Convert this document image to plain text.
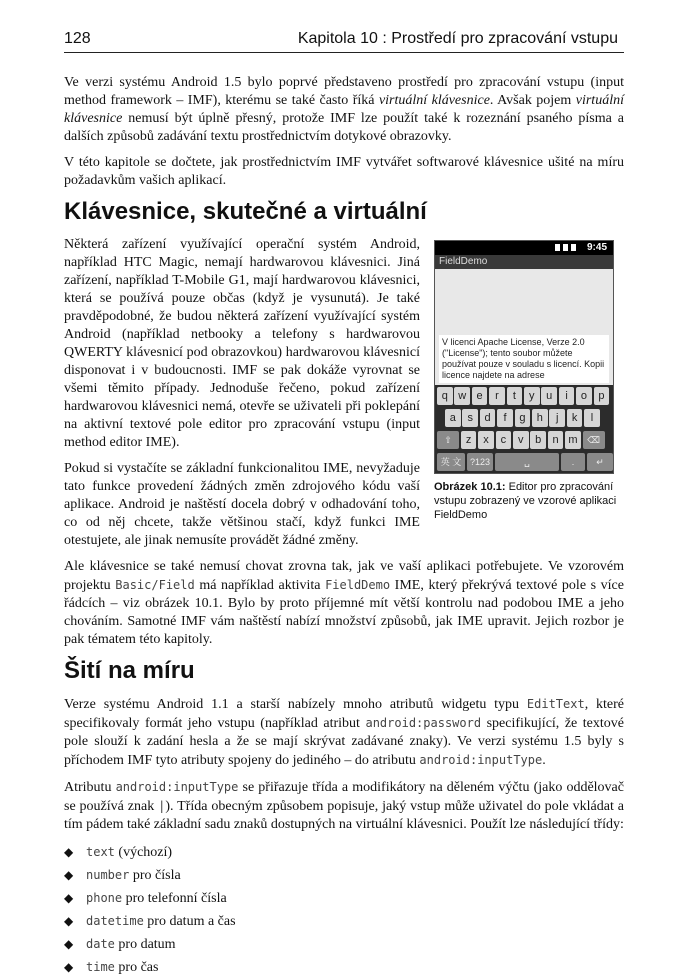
128	Kapitola 10 : Prostředí pro zpracování vstupu

Ve verzi systému Android 1.5 bylo poprvé představeno prostředí pro zpracování vstupu (input method framework – IMF), kterému se také často říká virtuální klávesnice. Avšak pojem virtuální klávesnice nemusí být úplně přesný, protože IMF lze použít také k rozeznání psaného písma a dalších způsobů zadávání textu prostřednictvím dotykové obrazovky.

V této kapitole se dočtete, jak prostřednictvím IMF vytvářet softwarové klávesnice ušité na míru požadavkům vašich aplikací.

Klávesnice, skutečné a virtuální
9:45
FieldDemo
V licenci Apache License, Verze 2.0 ("License"); tento soubor můžete používat pouze v souladu s licencí. Kopii licence najdete na adrese
q w e	r	t	y	u	i	o	p
a	s	d	f	g	h	j	k	l
⇧	z	x	c	v	b	n m	⌫
英 文 ?123	␣	.	↵
Obrázek 10.1: Editor pro zpracování vstupu zobrazený ve vzorové aplikaci FieldDemo

Některá zařízení využívající operační systém Android, například HTC Magic, nemají hardwarovou klávesnici. Jiná zařízení, například T-Mobile G1, mají hardwarovou klávesnici, která se používá pouze občas (když je vysunutá). Je také pravděpodobné, že budou některá zařízení využívající systém Android (například netbooky a telefony s hardwarovou QWERTY klávesnicí pod obrazovkou) hardwarovou klávesnicí disponovat i v budoucnosti. IMF se pak dokáže vyrovnat se všemi těmito případy. Jednoduše řečeno, pokud zařízení hardwarovou klávesnici nemá, otevře se uživateli při poklepání na aktivní textové pole editor pro zpracování vstupu (input method editor IME).

Pokud si vystačíte se základní funkcionalitou IME, nevyžaduje tato funkce provedení žádných změn zdrojového kódu vaší aplikace. Android je naštěstí docela dobrý v odhadování toho, co od něj chcete, takže většinou stačí, když funkci IME otestujete, ale jinak nemusíte provádět žádné změny.

Ale klávesnice se také nemusí chovat zrovna tak, jak ve vaší aplikaci potřebujete. Ve vzorovém projektu Basic/Field má například aktivita FieldDemo IME, který překrývá textové pole s více řádcích – viz obrázek 10.1. Bylo by proto příjemné mít větší kontrolu nad podobou IME a jeho chováním. Samotné IMF vám naštěstí nabízí množství způsobů, jak IME upravit. Jejich rozbor je pak tématem této kapitoly.

Šití na míru

Verze systému Android 1.1 a starší nabízely mnoho atributů widgetu typu EditText, které specifikovaly formát jeho vstupu (například atribut android:password specifikující, že textové pole slouží k zadání hesla a že se mají skrývat zadávané znaky). Ve verzi systému 1.5 byly s příchodem IMF tyto atributy spojeny do jediného – do atributu android:inputType.

Atributu android:inputType se přiřazuje třída a modifikátory na děleném výčtu (jako oddělovač se používá znak |). Třída obecným způsobem popisuje, jaký vstup může uživatel do pole vkládat a tím pádem také základní sadu znaků dostupných na virtuální klávesnici. Použít lze následující třídy:

◆ text (výchozí)
◆ number pro čísla
◆ phone pro telefonní čísla
◆ datetime pro datum a čas
◆ date pro datum
◆ time pro čas
